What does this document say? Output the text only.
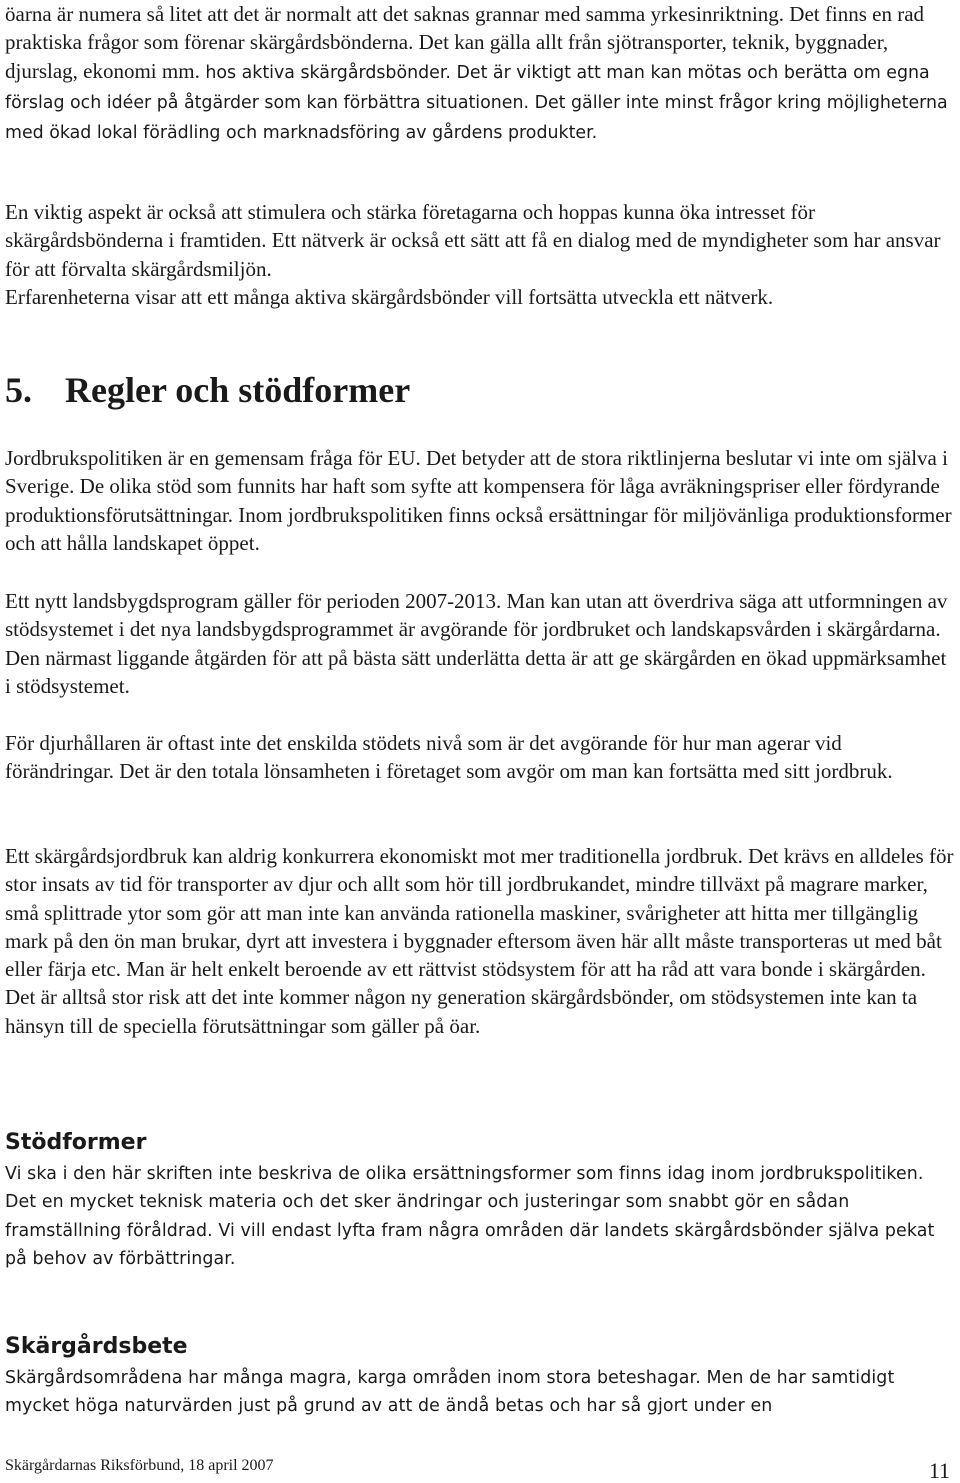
öarna är numera så litet att det är normalt att det saknas grannar med samma yrkesinriktning. Det finns en rad praktiska frågor som förenar skärgårdsbönderna. Det kan gälla allt från sjötransporter, teknik, byggnader, djurslag, ekonomi mm. hos aktiva skärgårdsbönder. Det är viktigt att man kan mötas och berätta om egna förslag och idéer på åtgärder som kan förbättra situationen. Det gäller inte minst frågor kring möjligheterna med ökad lokal förädling och marknadsföring av gårdens produkter.

En viktig aspekt är också att stimulera och stärka företagarna och hoppas kunna öka intresset för skärgårdsbönderna i framtiden. Ett nätverk är också ett sätt att få en dialog med de myndigheter som har ansvar för att förvalta skärgårdsmiljön.

Erfarenheterna visar att ett många aktiva skärgårdsbönder vill fortsätta utveckla ett nätverk.

5. Regler och stödformer

Jordbrukspolitiken är en gemensam fråga för EU. Det betyder att de stora riktlinjerna beslutar vi inte om själva i Sverige. De olika stöd som funnits har haft som syfte att kompensera för låga avräkningspriser eller fördyrande produktionsförutsättningar. Inom jordbrukspolitiken finns också ersättningar för miljövänliga produktionsformer och att hålla landskapet öppet.

Ett nytt landsbygdsprogram gäller för perioden 2007-2013. Man kan utan att överdriva säga att utformningen av stödsystemet i det nya landsbygdsprogrammet är avgörande för jordbruket och landskapsvården i skärgårdarna. Den närmast liggande åtgärden för att på bästa sätt underlätta detta är att ge skärgården en ökad uppmärksamhet i stödsystemet.

För djurhållaren är oftast inte det enskilda stödets nivå som är det avgörande för hur man agerar vid förändringar. Det är den totala lönsamheten i företaget som avgör om man kan fortsätta med sitt jordbruk.

Ett skärgårdsjordbruk kan aldrig konkurrera ekonomiskt mot mer traditionella jordbruk. Det krävs en alldeles för stor insats av tid för transporter av djur och allt som hör till jordbrukandet, mindre tillväxt på magrare marker, små splittrade ytor som gör att man inte kan använda rationella maskiner, svårigheter att hitta mer tillgänglig mark på den ön man brukar, dyrt att investera i byggnader eftersom även här allt måste transporteras ut med båt eller färja etc. Man är helt enkelt beroende av ett rättvist stödsystem för att ha råd att vara bonde i skärgården. Det är alltså stor risk att det inte kommer någon ny generation skärgårdsbönder, om stödsystemen inte kan ta hänsyn till de speciella förutsättningar som gäller på öar.

Stödformer

Vi ska i den här skriften inte beskriva de olika ersättningsformer som finns idag inom jordbrukspolitiken. Det en mycket teknisk materia och det sker ändringar och justeringar som snabbt gör en sådan framställning föråldrad. Vi vill endast lyfta fram några områden där landets skärgårdsbönder själva pekat på behov av förbättringar.

Skärgårdsbete

Skärgårdsområdena har många magra, karga områden inom stora beteshagar. Men de har samtidigt mycket höga naturvärden just på grund av att de ändå betas och har så gjort under en

Skärgårdarnas Riksförbund, 18 april 2007	11
